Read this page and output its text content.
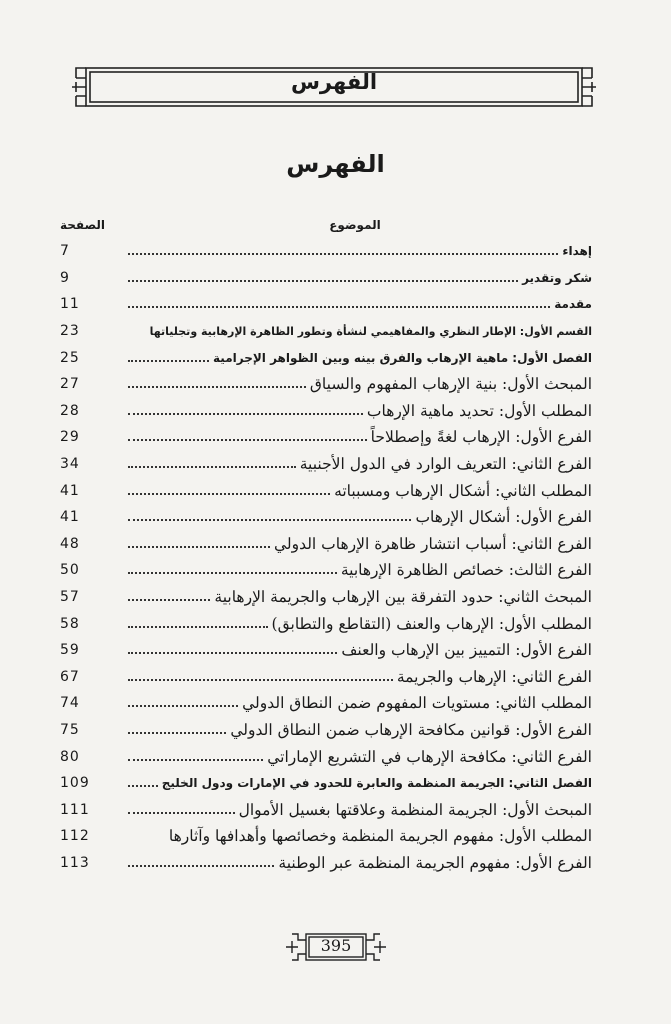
الفهرس
الفهرس
الموضوع
الصفحة
إهداء
7
شكر وتقدير
9
مقدمة
11
القسم الأول: الإطار النظري والمفاهيمي لنشأة وتطور الظاهرة الإرهابية وتجلياتها
23
الفصل الأول: ماهية الإرهاب والفرق بينه وبين الظواهر الإجرامية
25
المبحث الأول: بنية الإرهاب المفهوم والسياق
27
المطلب الأول: تحديد ماهية الإرهاب
28
الفرع الأول: الإرهاب لغةً وإصطلاحاً
29
الفرع الثاني: التعريف الوارد في الدول الأجنبية
34
المطلب الثاني: أشكال الإرهاب ومسبباته
41
الفرع الأول: أشكال الإرهاب
41
الفرع الثاني: أسباب انتشار ظاهرة الإرهاب الدولي
48
الفرع الثالث: خصائص الظاهرة الإرهابية
50
المبحث الثاني: حدود التفرقة بين الإرهاب والجريمة الإرهابية
57
المطلب الأول: الإرهاب والعنف (التقاطع والتطابق)
58
الفرع الأول: التمييز بين الإرهاب والعنف
59
الفرع الثاني: الإرهاب والجريمة
67
المطلب الثاني: مستويات المفهوم ضمن النطاق الدولي
74
الفرع الأول: قوانين مكافحة الإرهاب ضمن النطاق الدولي
75
الفرع الثاني: مكافحة الإرهاب في التشريع الإماراتي
80
الفصل الثاني: الجريمة المنظمة والعابرة للحدود في الإمارات ودول الخليج
109
المبحث الأول: الجريمة المنظمة وعلاقتها بغسيل الأموال
111
المطلب الأول: مفهوم الجريمة المنظمة وخصائصها وأهدافها وآثارها
112
الفرع الأول: مفهوم الجريمة المنظمة عبر الوطنية
113
395
